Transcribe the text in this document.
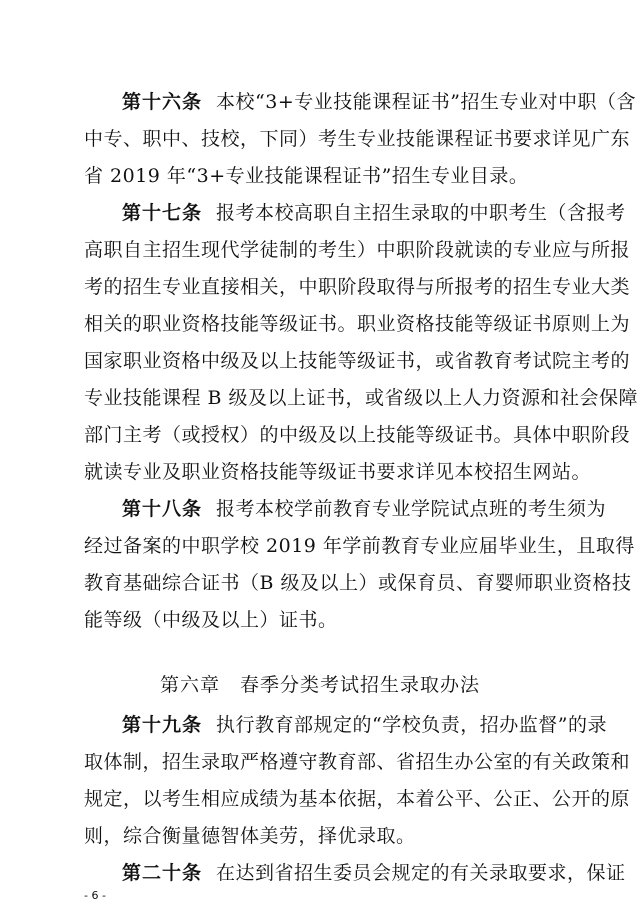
第十六条 本校“3+专业技能课程证书”招生专业对中职（含
中专、职中、技校，下同）考生专业技能课程证书要求详见广东
省 2019 年“3+专业技能课程证书”招生专业目录。
第十七条 报考本校高职自主招生录取的中职考生（含报考
高职自主招生现代学徒制的考生）中职阶段就读的专业应与所报
考的招生专业直接相关，中职阶段取得与所报考的招生专业大类
相关的职业资格技能等级证书。职业资格技能等级证书原则上为
国家职业资格中级及以上技能等级证书，或省教育考试院主考的
专业技能课程 B 级及以上证书，或省级以上人力资源和社会保障
部门主考（或授权）的中级及以上技能等级证书。具体中职阶段
就读专业及职业资格技能等级证书要求详见本校招生网站。
第十八条 报考本校学前教育专业学院试点班的考生须为
经过备案的中职学校 2019 年学前教育专业应届毕业生，且取得
教育基础综合证书（B 级及以上）或保育员、育婴师职业资格技
能等级（中级及以上）证书。
第六章　春季分类考试招生录取办法
第十九条 执行教育部规定的“学校负责，招办监督”的录
取体制，招生录取严格遵守教育部、省招生办公室的有关政策和
规定，以考生相应成绩为基本依据，本着公平、公正、公开的原
则，综合衡量德智体美劳，择优录取。
第二十条 在达到省招生委员会规定的有关录取要求，保证
- 6 -
